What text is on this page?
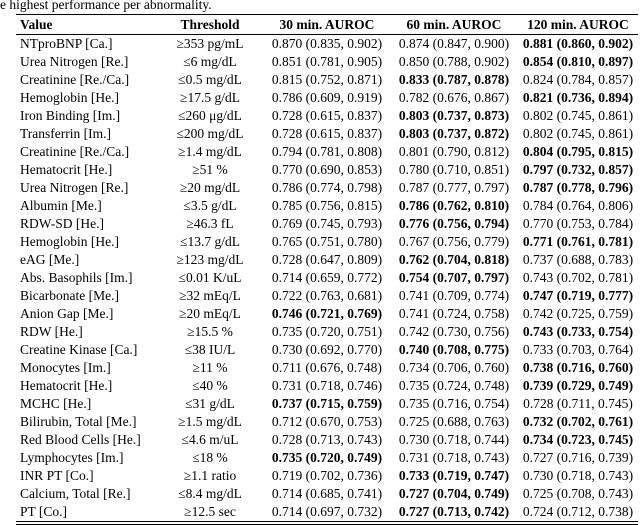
e highest performance per abnormality.
Value	Threshold	30 min. AUROC	60 min. AUROC	120 min. AUROC
NTproBNP [Ca.]	≥353 pg/mL	0.870 (0.835, 0.902)	0.874 (0.847, 0.900)	0.881 (0.860, 0.902)
Urea Nitrogen [Re.]	≤6 mg/dL	0.851 (0.781, 0.905)	0.850 (0.788, 0.902)	0.854 (0.810, 0.897)
Creatinine [Re./Ca.]	≤0.5 mg/dL	0.815 (0.752, 0.871)	0.833 (0.787, 0.878)	0.824 (0.784, 0.857)
Hemoglobin [He.]	≥17.5 g/dL	0.786 (0.609, 0.919)	0.782 (0.676, 0.867)	0.821 (0.736, 0.894)
Iron Binding [Im.]	≤260 μg/dL	0.728 (0.615, 0.837)	0.803 (0.737, 0.873)	0.802 (0.745, 0.861)
Transferrin [Im.]	≤200 mg/dL	0.728 (0.615, 0.837)	0.803 (0.737, 0.872)	0.802 (0.745, 0.861)
Creatinine [Re./Ca.]	≥1.4 mg/dL	0.794 (0.781, 0.808)	0.801 (0.790, 0.812)	0.804 (0.795, 0.815)
Hematocrit [He.]	≥51 %	0.770 (0.690, 0.853)	0.780 (0.710, 0.851)	0.797 (0.732, 0.857)
Urea Nitrogen [Re.]	≥20 mg/dL	0.786 (0.774, 0.798)	0.787 (0.777, 0.797)	0.787 (0.778, 0.796)
Albumin [Me.]	≤3.5 g/dL	0.785 (0.756, 0.815)	0.786 (0.762, 0.810)	0.784 (0.764, 0.806)
RDW-SD [He.]	≥46.3 fL	0.769 (0.745, 0.793)	0.776 (0.756, 0.794)	0.770 (0.753, 0.784)
Hemoglobin [He.]	≤13.7 g/dL	0.765 (0.751, 0.780)	0.767 (0.756, 0.779)	0.771 (0.761, 0.781)
eAG [Me.]	≥123 mg/dL	0.728 (0.647, 0.809)	0.762 (0.704, 0.818)	0.737 (0.688, 0.783)
Abs. Basophils [Im.]	≤0.01 K/uL	0.714 (0.659, 0.772)	0.754 (0.707, 0.797)	0.743 (0.702, 0.781)
Bicarbonate [Me.]	≥32 mEq/L	0.722 (0.763, 0.681)	0.741 (0.709, 0.774)	0.747 (0.719, 0.777)
Anion Gap [Me.]	≥20 mEq/L	0.746 (0.721, 0.769)	0.741 (0.724, 0.758)	0.742 (0.725, 0.759)
RDW [He.]	≥15.5 %	0.735 (0.720, 0.751)	0.742 (0.730, 0.756)	0.743 (0.733, 0.754)
Creatine Kinase [Ca.]	≤38 IU/L	0.730 (0.692, 0.770)	0.740 (0.708, 0.775)	0.733 (0.703, 0.764)
Monocytes [Im.]	≥11 %	0.711 (0.676, 0.748)	0.734 (0.706, 0.760)	0.738 (0.716, 0.760)
Hematocrit [He.]	≤40 %	0.731 (0.718, 0.746)	0.735 (0.724, 0.748)	0.739 (0.729, 0.749)
MCHC [He.]	≤31 g/dL	0.737 (0.715, 0.759)	0.735 (0.716, 0.754)	0.728 (0.711, 0.745)
Bilirubin, Total [Me.]	≥1.5 mg/dL	0.712 (0.670, 0.753)	0.725 (0.688, 0.763)	0.732 (0.702, 0.761)
Red Blood Cells [He.]	≤4.6 m/uL	0.728 (0.713, 0.743)	0.730 (0.718, 0.744)	0.734 (0.723, 0.745)
Lymphocytes [Im.]	≤18 %	0.735 (0.720, 0.749)	0.731 (0.718, 0.743)	0.727 (0.716, 0.739)
INR PT [Co.]	≥1.1 ratio	0.719 (0.702, 0.736)	0.733 (0.719, 0.747)	0.730 (0.718, 0.743)
Calcium, Total [Re.]	≤8.4 mg/dL	0.714 (0.685, 0.741)	0.727 (0.704, 0.749)	0.725 (0.708, 0.743)
PT [Co.]	≥12.5 sec	0.714 (0.697, 0.732)	0.727 (0.713, 0.742)	0.724 (0.712, 0.738)
